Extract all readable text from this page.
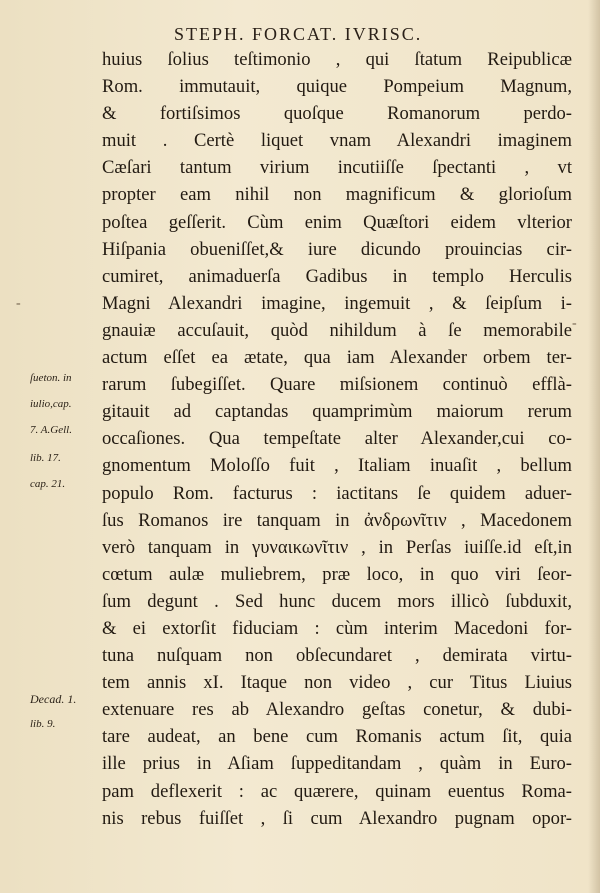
STEPH. FORCAT. IVRISC.
huius ſolius teſtimonio , qui ſtatum Reipublicæ
Rom. immutauit, quique Pompeium Magnum,
& fortiſsimos quoſque Romanorum perdo-
muit . Certè liquet vnam Alexandri imaginem
Cæſari tantum virium incutiiſſe ſpectanti , vt
propter eam nihil non magnificum & glorioſum
poſtea geſſerit. Cùm enim Quæſtori eidem vlterior
Hiſpania obueniſſet,& iure dicundo prouincias cir-
cumiret, animaduerſa Gadibus in templo Herculis
Magni Alexandri imagine, ingemuit , & ſeipſum i-
gnauiæ accuſauit, quòd nihildum à ſe memorabile
actum eſſet ea ætate, qua iam Alexander orbem ter-
rarum ſubegiſſet. Quare miſsionem continuò efflà-
gitauit ad captandas quamprimùm maiorum rerum
occaſiones. Qua tempeſtate alter Alexander,cui co-
gnomentum Moloſſo fuit , Italiam inuaſit , bellum
populo Rom. facturus : iactitans ſe quidem aduer-
ſus Romanos ire tanquam in ἀνδρωνῖτιν , Macedonem
verò tanquam in γυναικωνῖτιν , in Perſas iuiſſe.id eſt,in
cœtum aulæ muliebrem, præ loco, in quo viri ſeor-
ſum degunt . Sed hunc ducem mors illicò ſubduxit,
& ei extorſit fiduciam : cùm interim Macedoni for-
tuna nuſquam non obſecundaret , demirata virtu-
tem annis xI. Itaque non video , cur Titus Liuius
extenuare res ab Alexandro geſtas conetur, & dubi-
tare audeat, an bene cum Romanis actum ſit, quia
ille prius in Aſiam ſuppeditandam , quàm in Euro-
pam deflexerit : ac quærere, quinam euentus Roma-
nis rebus fuiſſet , ſi cum Alexandro pugnam opor-
ſueton. in
iulio,cap.
7. A.Gell.
lib. 17.
cap. 21.
Decad. 1.
lib. 9.
-
-
